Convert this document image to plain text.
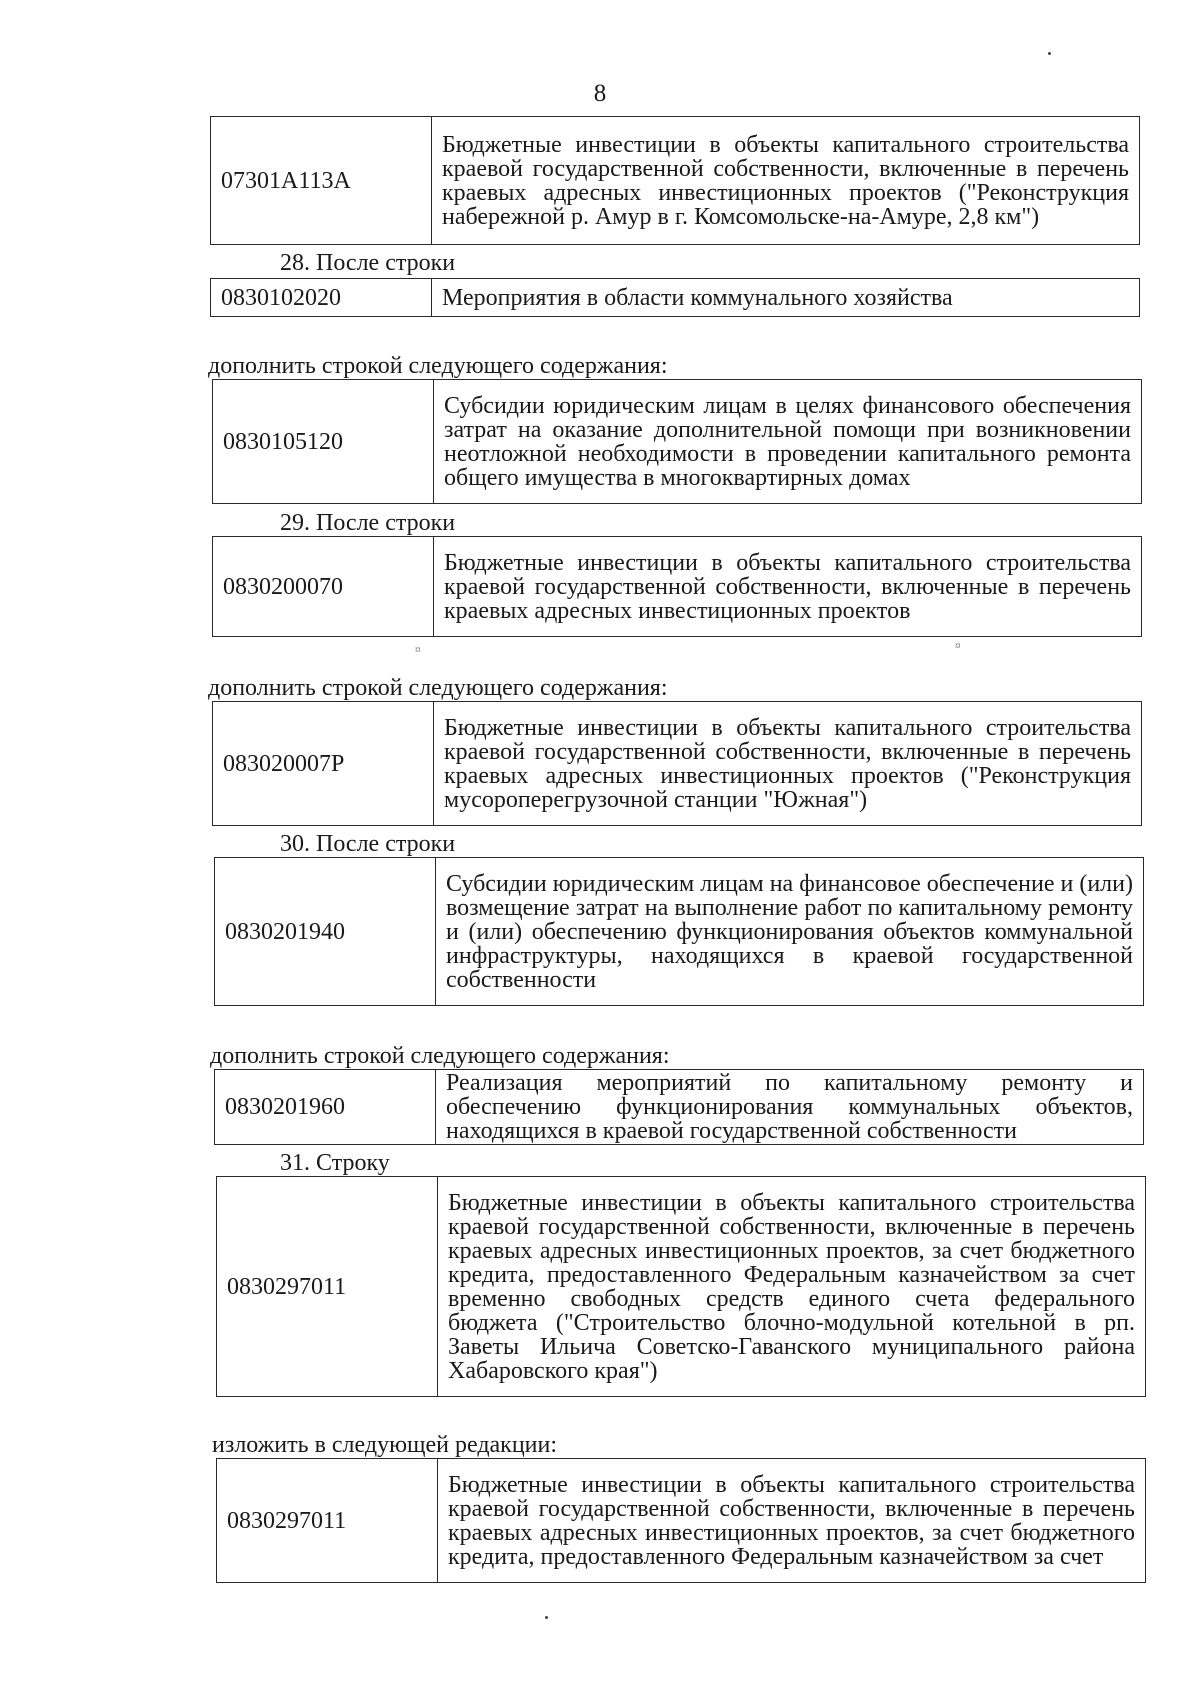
8
07301A113A	Бюджетные инвестиции в объекты капитального строительства краевой государственной собственности, включенные в перечень краевых адресных инвестиционных проектов ("Реконструкция набережной р. Амур в г. Комсомольске-на-Амуре, 2,8 км")
28. После строки
0830102020	Мероприятия в области коммунального хозяйства
дополнить строкой следующего содержания:
0830105120	Субсидии юридическим лицам в целях финансового обеспечения затрат на оказание дополнительной помощи при возникновении неотложной необходимости в проведении капитального ремонта общего имущества в многоквартирных домах
29. После строки
0830200070	Бюджетные инвестиции в объекты капитального строительства краевой государственной собственности, включенные в перечень краевых адресных инвестиционных проектов
¤	¤
дополнить строкой следующего содержания:
083020007Р	Бюджетные инвестиции в объекты капитального строительства краевой государственной собственности, включенные в перечень краевых адресных инвестиционных проектов ("Реконструкция мусороперегрузочной станции "Южная")
30. После строки
0830201940	Субсидии юридическим лицам на финансовое обеспечение и (или) возмещение затрат на выполнение работ по капитальному ремонту и (или) обеспечению функционирования объектов коммунальной инфраструктуры, находящихся в краевой государственной собственности
дополнить строкой следующего содержания:
0830201960	Реализация мероприятий по капитальному ремонту и обеспечению функционирования коммунальных объектов, находящихся в краевой государственной собственности
31. Строку
0830297011	Бюджетные инвестиции в объекты капитального строительства краевой государственной собственности, включенные в перечень краевых адресных инвестиционных проектов, за счет бюджетного кредита, предоставленного Федеральным казначейством за счет временно свободных средств единого счета федерального бюджета ("Строительство блочно-модульной котельной в рп. Заветы Ильича Советско-Гаванского муниципального района Хабаровского края")
изложить в следующей редакции:
0830297011	Бюджетные инвестиции в объекты капитального строительства краевой государственной собственности, включенные в перечень краевых адресных инвестиционных проектов, за счет бюджетного кредита, предоставленного Федеральным казначейством за счет
